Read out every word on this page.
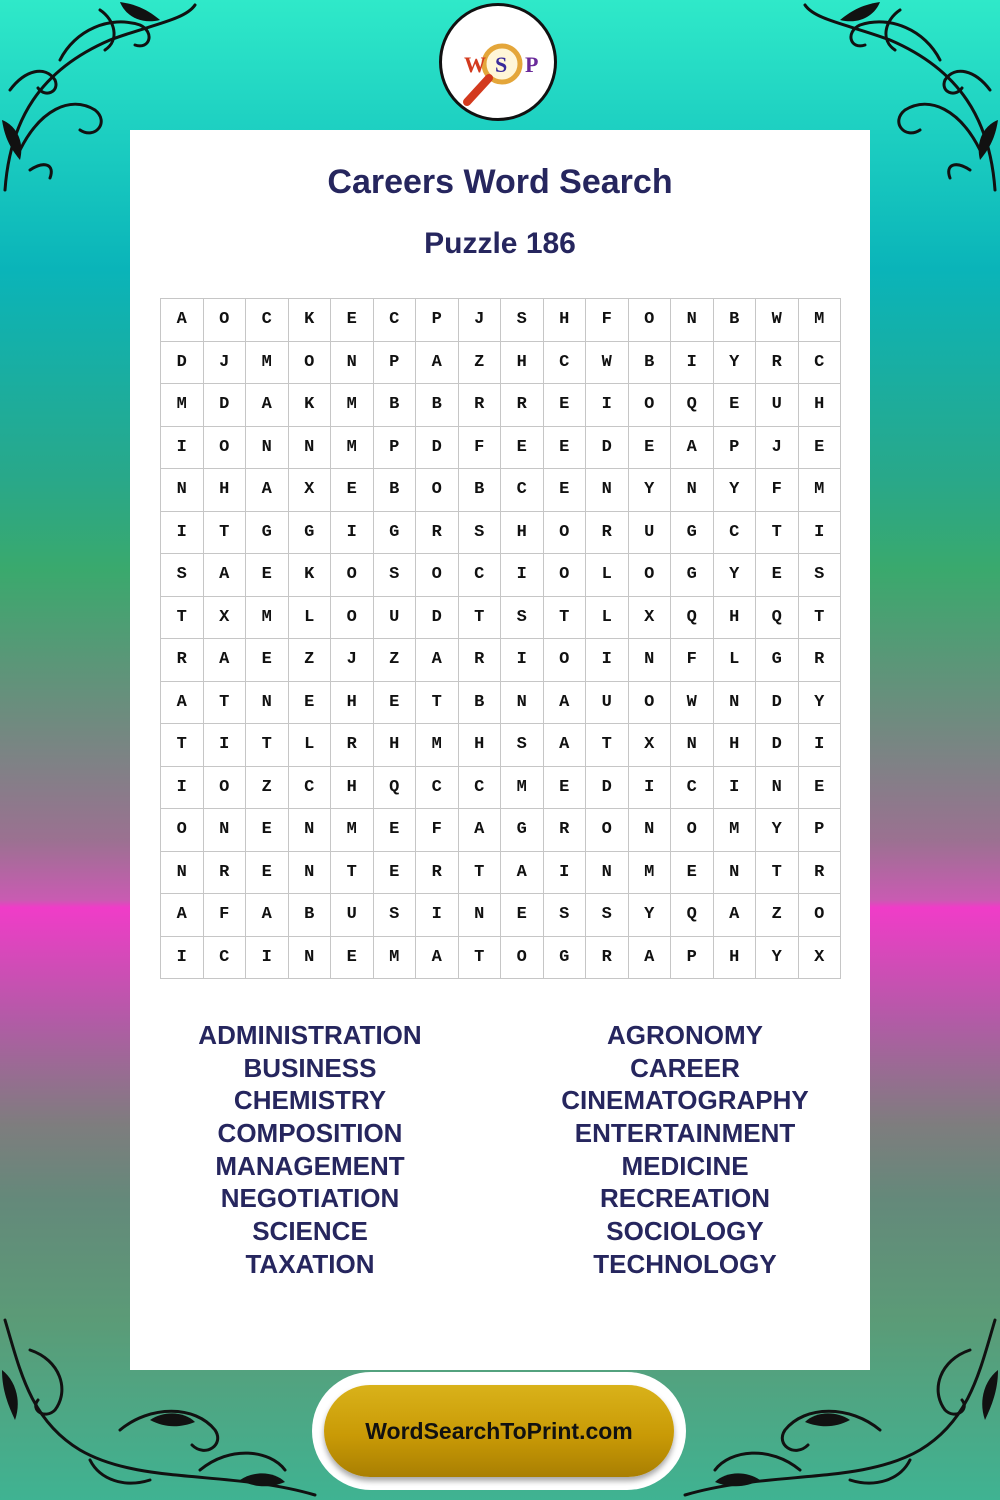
W S P
Careers Word Search
Puzzle 186
A	O	C	K	E	C	P	J	S	H	F	O	N	B	W	M
D	J	M	O	N	P	A	Z	H	C	W	B	I	Y	R	C
M	D	A	K	M	B	B	R	R	E	I	O	Q	E	U	H
I	O	N	N	M	P	D	F	E	E	D	E	A	P	J	E
N	H	A	X	E	B	O	B	C	E	N	Y	N	Y	F	M
I	T	G	G	I	G	R	S	H	O	R	U	G	C	T	I
S	A	E	K	O	S	O	C	I	O	L	O	G	Y	E	S
T	X	M	L	O	U	D	T	S	T	L	X	Q	H	Q	T
R	A	E	Z	J	Z	A	R	I	O	I	N	F	L	G	R
A	T	N	E	H	E	T	B	N	A	U	O	W	N	D	Y
T	I	T	L	R	H	M	H	S	A	T	X	N	H	D	I
I	O	Z	C	H	Q	C	C	M	E	D	I	C	I	N	E
O	N	E	N	M	E	F	A	G	R	O	N	O	M	Y	P
N	R	E	N	T	E	R	T	A	I	N	M	E	N	T	R
A	F	A	B	U	S	I	N	E	S	S	Y	Q	A	Z	O
I	C	I	N	E	M	A	T	O	G	R	A	P	H	Y	X
ADMINISTRATION
BUSINESS
CHEMISTRY
COMPOSITION
MANAGEMENT
NEGOTIATION
SCIENCE
TAXATION
AGRONOMY
CAREER
CINEMATOGRAPHY
ENTERTAINMENT
MEDICINE
RECREATION
SOCIOLOGY
TECHNOLOGY
WordSearchToPrint.com
